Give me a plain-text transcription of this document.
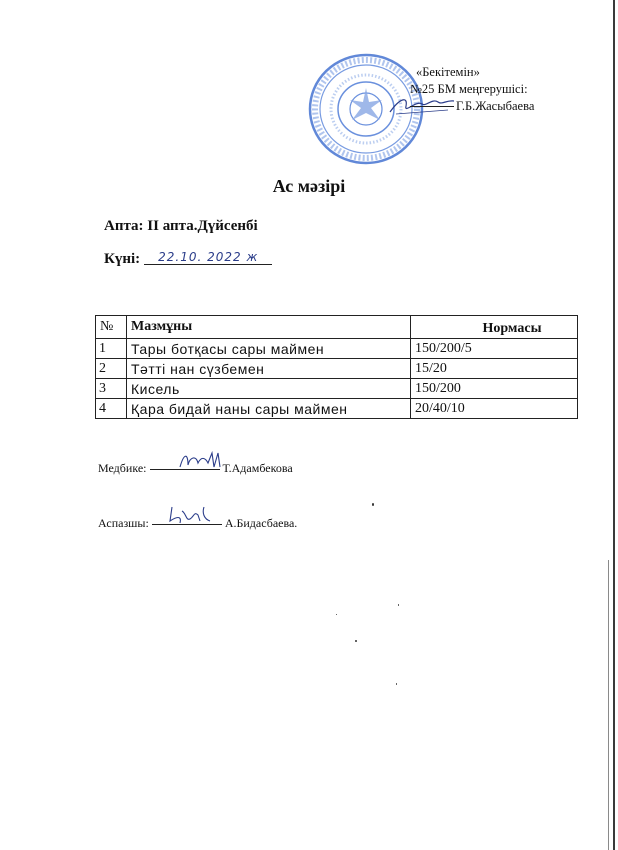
«Бекітемін»
№25 БМ меңгерушісі:
Г.Б.Жасыбаева
Ас мәзірі
Апта: ІІ апта.Дүйсенбі
Күні: 22.10. 2022 ж
№	Мазмұны	Нормасы
1	Тары ботқасы сары маймен	150/200/5
2	Тәтті нан сүзбемен	15/20
3	Кисель	150/200
4	Қара бидай наны сары маймен	20/40/10
Медбике:	Т.Адамбекова
Аспазшы:	А.Бидасбаева.
